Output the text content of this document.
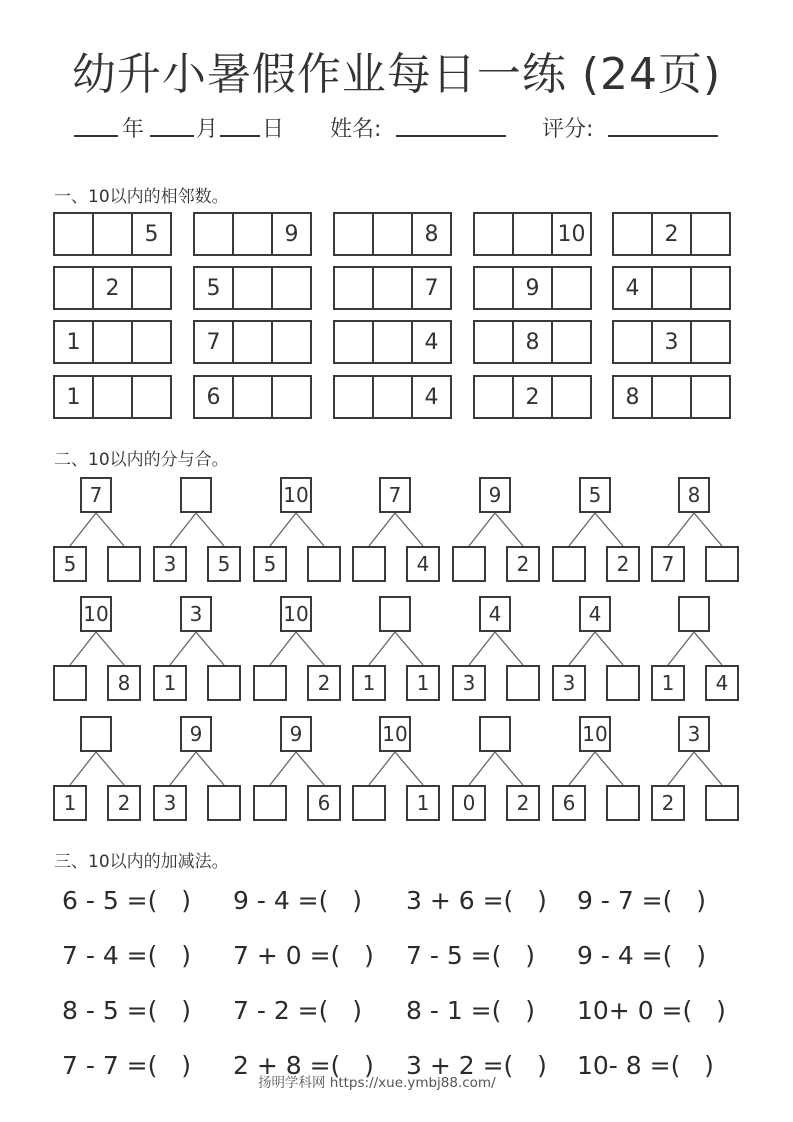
幼升小暑假作业每日一练 (24页)
年 月 日 姓名:	评分:
一、10以内的相邻数。
5	9	8	10	2
2	5	7	9	4
1	7	4	8	3
1	6	4	2	8
二、10以内的分与合。
7
5	3	5
10
5
7
4
9
2
5
2
8
7
10
8
3
1
10
2	1	1
4
3
4
3	1	4
1	2
9
3
9
6
10
1	0	2
10
6
3
2
三、10以内的加减法。
6 - 5 =(   ) 9 - 4 =(   ) 3 + 6 =(   ) 9 - 7 =(   )
7 - 4 =(   ) 7 + 0 =(   ) 7 - 5 =(   ) 9 - 4 =(   )
8 - 5 =(   ) 7 - 2 =(   ) 8 - 1 =(   ) 10+ 0 =(   )
7 - 7 =(   ) 2 + 8 =(   ) 3 + 2 =(   ) 10- 8 =(   )
扬明学科网 https://xue.ymbj88.com/
